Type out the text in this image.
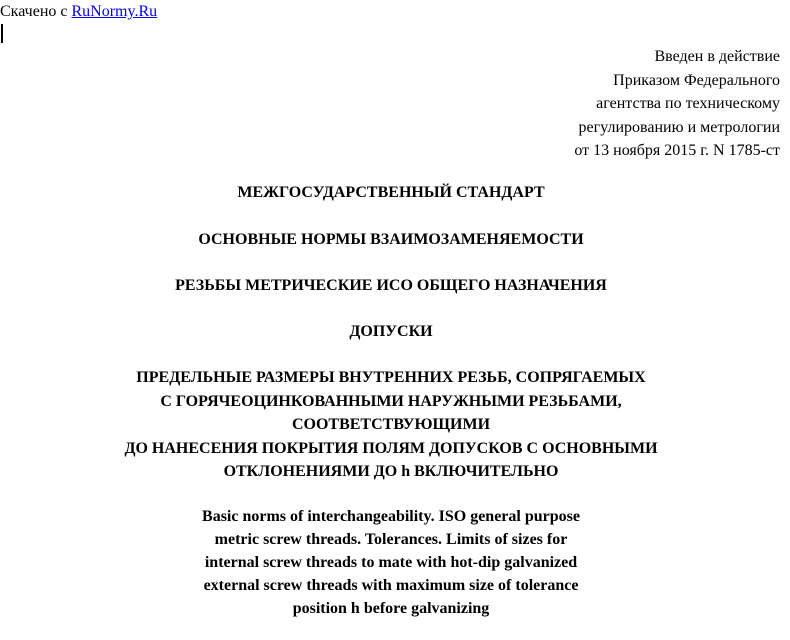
Скачено с RuNormy.Ru
Введен в действие
Приказом Федерального
агентства по техническому
регулированию и метрологии
от 13 ноября 2015 г. N 1785-ст
МЕЖГОСУДАРСТВЕННЫЙ СТАНДАРТ
ОСНОВНЫЕ НОРМЫ ВЗАИМОЗАМЕНЯЕМОСТИ
РЕЗЬБЫ МЕТРИЧЕСКИЕ ИСО ОБЩЕГО НАЗНАЧЕНИЯ
ДОПУСКИ
ПРЕДЕЛЬНЫЕ РАЗМЕРЫ ВНУТРЕННИХ РЕЗЬБ, СОПРЯГАЕМЫХ
С ГОРЯЧЕОЦИНКОВАННЫМИ НАРУЖНЫМИ РЕЗЬБАМИ,
СООТВЕТСТВУЮЩИМИ
ДО НАНЕСЕНИЯ ПОКРЫТИЯ ПОЛЯМ ДОПУСКОВ С ОСНОВНЫМИ
ОТКЛОНЕНИЯМИ ДО h ВКЛЮЧИТЕЛЬНО
Basic norms of interchangeability. ISO general purpose
metric screw threads. Tolerances. Limits of sizes for
internal screw threads to mate with hot-dip galvanized
external screw threads with maximum size of tolerance
position h before galvanizing
